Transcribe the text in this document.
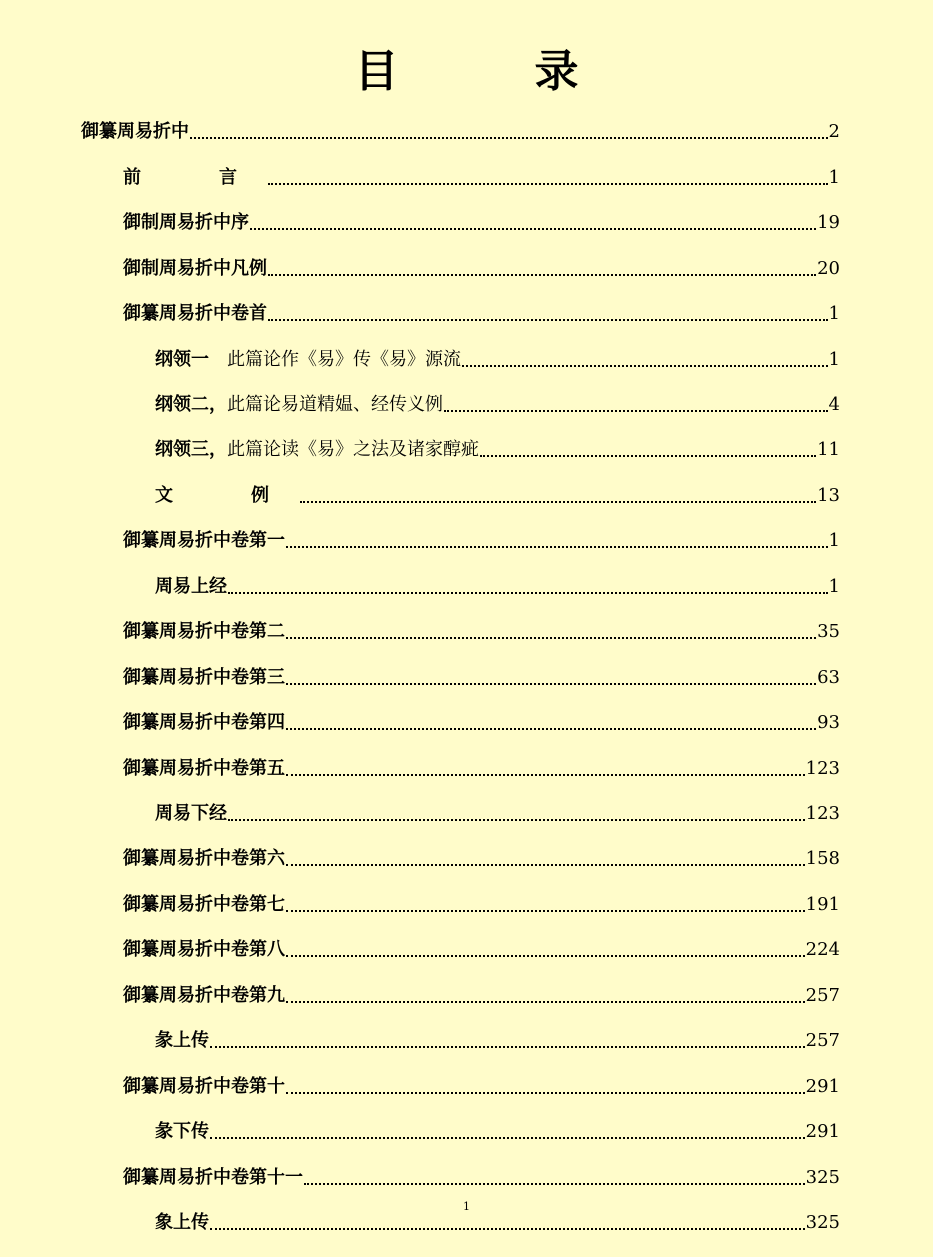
目　录
御纂周易折中	2
前　言	1
御制周易折中序	19
御制周易折中凡例	20
御纂周易折中卷首	1
纲领一 　此篇论作《易》传《易》源流	1
纲领二， 此篇论易道精媪、经传义例	4
纲领三， 此篇论读《易》之法及诸家醇疵	11
文　例	13
御纂周易折中卷第一	1
周易上经	1
御纂周易折中卷第二	35
御纂周易折中卷第三	63
御纂周易折中卷第四	93
御纂周易折中卷第五	123
周易下经	123
御纂周易折中卷第六	158
御纂周易折中卷第七	191
御纂周易折中卷第八	224
御纂周易折中卷第九	257
彖上传	257
御纂周易折中卷第十	291
彖下传	291
御纂周易折中卷第十一	325
象上传	325
1
